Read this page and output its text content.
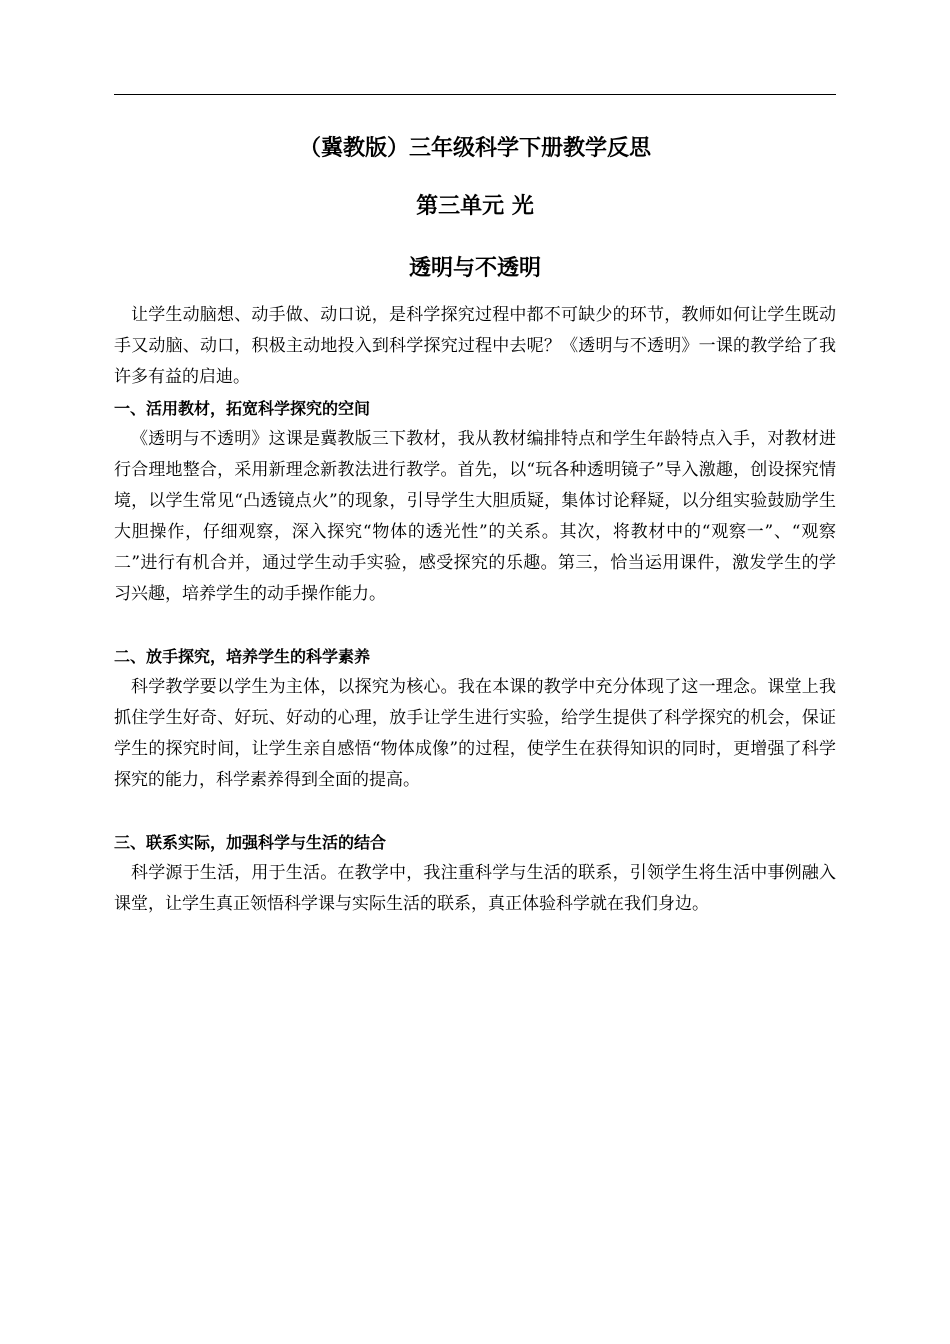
（冀教版）三年级科学下册教学反思
第三单元 光
透明与不透明

让学生动脑想、动手做、动口说，是科学探究过程中都不可缺少的环节，教师如何让学生既动手又动脑、动口，积极主动地投入到科学探究过程中去呢？《透明与不透明》一课的教学给了我许多有益的启迪。

一、活用教材，拓宽科学探究的空间

《透明与不透明》这课是冀教版三下教材，我从教材编排特点和学生年龄特点入手，对教材进行合理地整合，采用新理念新教法进行教学。首先，以“玩各种透明镜子”导入激趣，创设探究情境，以学生常见“凸透镜点火”的现象，引导学生大胆质疑，集体讨论释疑，以分组实验鼓励学生大胆操作，仔细观察，深入探究“物体的透光性”的关系。其次，将教材中的“观察一”、“观察二”进行有机合并，通过学生动手实验，感受探究的乐趣。第三，恰当运用课件，激发学生的学习兴趣，培养学生的动手操作能力。

二、放手探究，培养学生的科学素养

科学教学要以学生为主体，以探究为核心。我在本课的教学中充分体现了这一理念。课堂上我抓住学生好奇、好玩、好动的心理，放手让学生进行实验，给学生提供了科学探究的机会，保证学生的探究时间，让学生亲自感悟“物体成像”的过程，使学生在获得知识的同时，更增强了科学探究的能力，科学素养得到全面的提高。

三、联系实际，加强科学与生活的结合

科学源于生活，用于生活。在教学中，我注重科学与生活的联系，引领学生将生活中事例融入课堂，让学生真正领悟科学课与实际生活的联系，真正体验科学就在我们身边。
